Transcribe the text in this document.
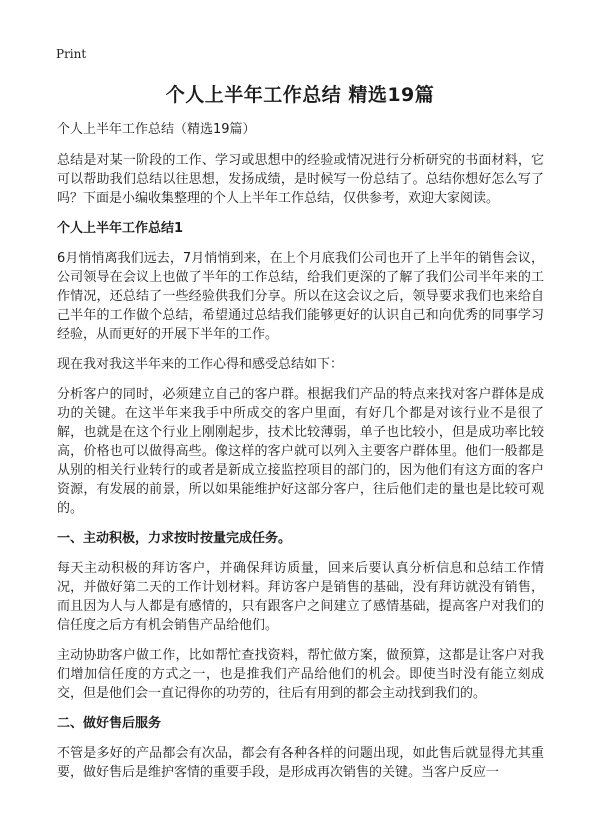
Print

个人上半年工作总结 精选19篇

个人上半年工作总结（精选19篇）

总结是对某一阶段的工作、学习或思想中的经验或情况进行分析研究的书面材料，它可以帮助我们总结以往思想，发扬成绩，是时候写一份总结了。总结你想好怎么写了吗？下面是小编收集整理的个人上半年工作总结，仅供参考，欢迎大家阅读。

个人上半年工作总结1

6月悄悄离我们远去，7月悄悄到来，在上个月底我们公司也开了上半年的销售会议，公司领导在会议上也做了半年的工作总结，给我们更深的了解了我们公司半年来的工作情况，还总结了一些经验供我们分享。所以在这会议之后，领导要求我们也来给自己半年的工作做个总结，希望通过总结我们能够更好的认识自己和向优秀的同事学习经验，从而更好的开展下半年的工作。

现在我对我这半年来的工作心得和感受总结如下：

分析客户的同时，必须建立自己的客户群。根据我们产品的特点来找对客户群体是成功的关键。在这半年来我手中所成交的客户里面，有好几个都是对该行业不是很了解，也就是在这个行业上刚刚起步，技术比较薄弱，单子也比较小，但是成功率比较高，价格也可以做得高些。像这样的客户就可以列入主要客户群体里。他们一般都是从别的相关行业转行的或者是新成立接监控项目的部门的，因为他们有这方面的客户资源，有发展的前景，所以如果能维护好这部分客户，往后他们走的量也是比较可观的。

一、主动积极，力求按时按量完成任务。

每天主动积极的拜访客户，并确保拜访质量，回来后要认真分析信息和总结工作情况，并做好第二天的工作计划材料。拜访客户是销售的基础，没有拜访就没有销售，而且因为人与人都是有感情的，只有跟客户之间建立了感情基础，提高客户对我们的信任度之后方有机会销售产品给他们。

主动协助客户做工作，比如帮忙查找资料，帮忙做方案，做预算，这都是让客户对我们增加信任度的方式之一，也是推我们产品给他们的机会。即使当时没有能立刻成交，但是他们会一直记得你的功劳的，往后有用到的都会主动找到我们的。

二、做好售后服务

不管是多好的产品都会有次品，都会有各种各样的问题出现，如此售后就显得尤其重要，做好售后是维护客情的重要手段，是形成再次销售的关键。当客户反应一
